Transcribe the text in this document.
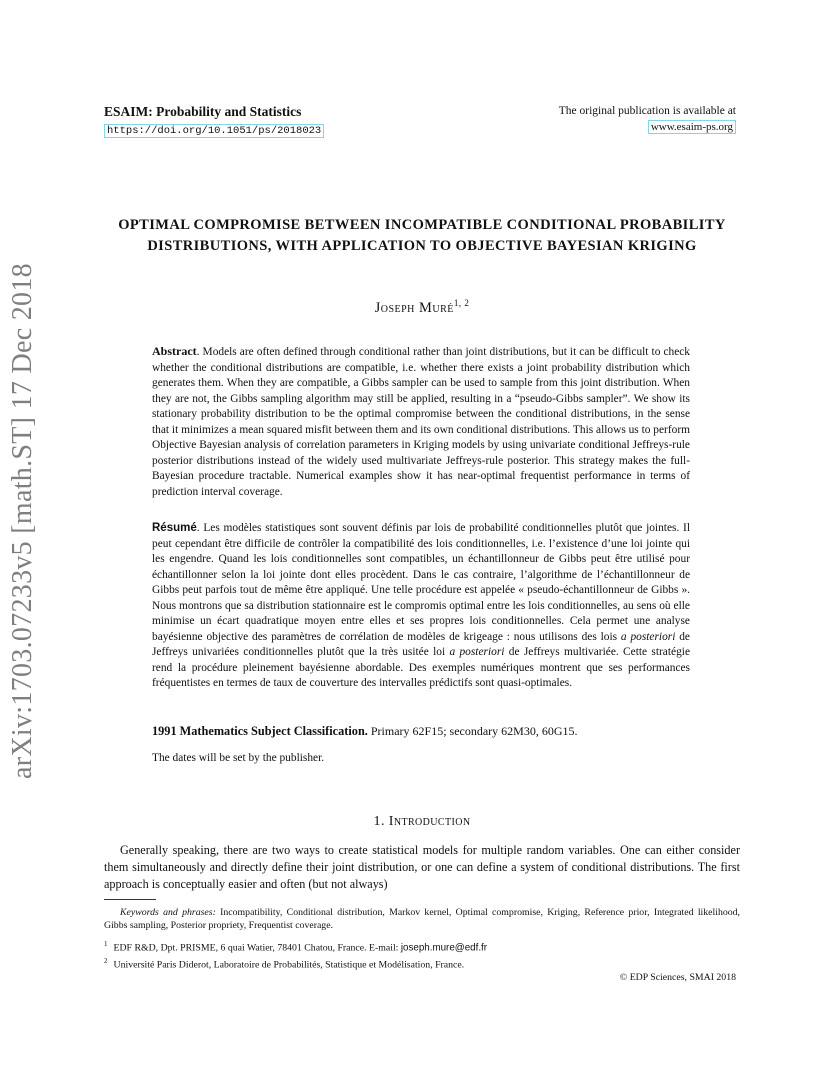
arXiv:1703.07233v5 [math.ST] 17 Dec 2018
ESAIM: Probability and Statistics
https://doi.org/10.1051/ps/2018023
The original publication is available at
www.esaim-ps.org
OPTIMAL COMPROMISE BETWEEN INCOMPATIBLE CONDITIONAL PROBABILITY DISTRIBUTIONS, WITH APPLICATION TO OBJECTIVE BAYESIAN KRIGING
Joseph Muré$^{1, 2}$
Abstract. Models are often defined through conditional rather than joint distributions, but it can be difficult to check whether the conditional distributions are compatible, i.e. whether there exists a joint probability distribution which generates them. When they are compatible, a Gibbs sampler can be used to sample from this joint distribution. When they are not, the Gibbs sampling algorithm may still be applied, resulting in a “pseudo-Gibbs sampler”. We show its stationary probability distribution to be the optimal compromise between the conditional distributions, in the sense that it minimizes a mean squared misfit between them and its own conditional distributions. This allows us to perform Objective Bayesian analysis of correlation parameters in Kriging models by using univariate conditional Jeffreys-rule posterior distributions instead of the widely used multivariate Jeffreys-rule posterior. This strategy makes the full-Bayesian procedure tractable. Numerical examples show it has near-optimal frequentist performance in terms of prediction interval coverage.
Résumé. Les modèles statistiques sont souvent définis par lois de probabilité conditionnelles plutôt que jointes. Il peut cependant être difficile de contrôler la compatibilité des lois conditionnelles, i.e. l’existence d’une loi jointe qui les engendre. Quand les lois conditionnelles sont compatibles, un échantillonneur de Gibbs peut être utilisé pour échantillonner selon la loi jointe dont elles procèdent. Dans le cas contraire, l’algorithme de l’échantillonneur de Gibbs peut parfois tout de même être appliqué. Une telle procédure est appelée « pseudo-échantillonneur de Gibbs ». Nous montrons que sa distribution stationnaire est le compromis optimal entre les lois conditionnelles, au sens où elle minimise un écart quadratique moyen entre elles et ses propres lois conditionnelles. Cela permet une analyse bayésienne objective des paramètres de corrélation de modèles de krigeage : nous utilisons des lois a posteriori de Jeffreys univariées conditionnelles plutôt que la très usitée loi a posteriori de Jeffreys multivariée. Cette stratégie rend la procédure pleinement bayésienne abordable. Des exemples numériques montrent que ses performances fréquentistes en termes de taux de couverture des intervalles prédictifs sont quasi-optimales.
1991 Mathematics Subject Classification. Primary 62F15; secondary 62M30, 60G15.
The dates will be set by the publisher.
1. Introduction

Generally speaking, there are two ways to create statistical models for multiple random variables. One can either consider them simultaneously and directly define their joint distribution, or one can define a system of conditional distributions. The first approach is conceptually easier and often (but not always)

Keywords and phrases: Incompatibility, Conditional distribution, Markov kernel, Optimal compromise, Kriging, Reference prior, Integrated likelihood, Gibbs sampling, Posterior propriety, Frequentist coverage.
$^1$ EDF R&D, Dpt. PRISME, 6 quai Watier, 78401 Chatou, France. E-mail: joseph.mure@edf.fr
$^2$ Université Paris Diderot, Laboratoire de Probabilités, Statistique et Modélisation, France.
© EDP Sciences, SMAI 2018
